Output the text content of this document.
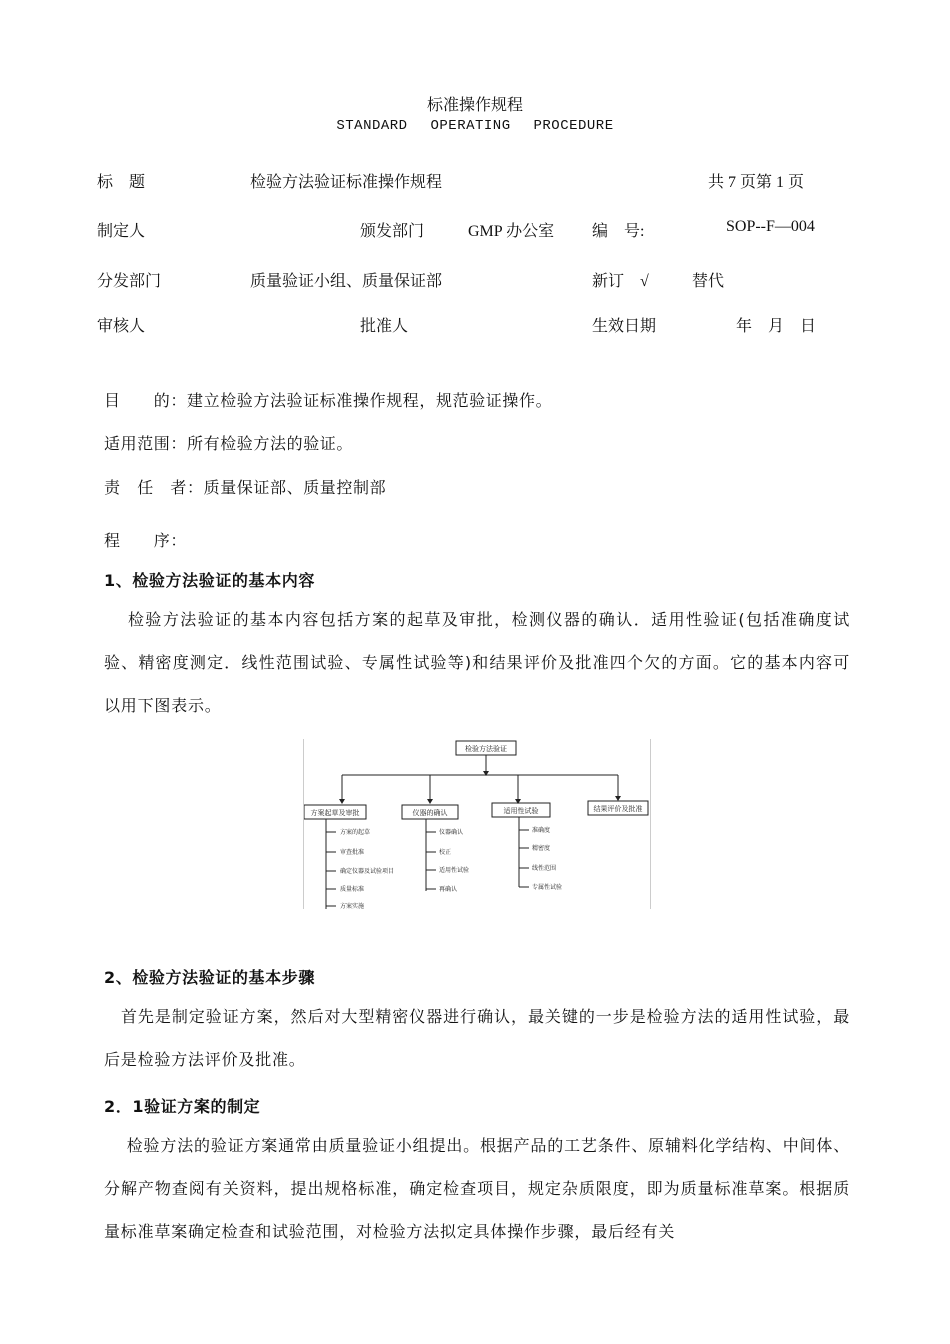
标准操作规程
STANDARD OPERATING PROCEDURE
标　题	检验方法验证标准操作规程	共 7 页第 1 页
制定人	颁发部门	GMP 办公室 编　号:	SOP--F—004
分发部门	质量验证小组、质量保证部	新订　√	替代
审核人	批准人	生效日期	年　月　日
目　　的：建立检验方法验证标准操作规程，规范验证操作。
适用范围：所有检验方法的验证。
责　任　者：质量保证部、质量控制部
程　　序：
1、检验方法验证的基本内容
　 检验方法验证的基本内容包括方案的起草及审批，检测仪器的确认．适用性验证(包括准确度试验、精密度测定．线性范围试验、专属性试验等)和结果评价及批准四个欠的方面。它的基本内容可以用下图表示。
检验方法验证
方案起草及审批	仪器的确认	适用性试验	结果评价及批准
方案的起草
审查批准
确定仪器及试验项目
质量标准
方案实施
仪器确认
校正
适用性试验
再确认
准确度
精密度
线性范围
专属性试验
2、检验方法验证的基本步骤
　首先是制定验证方案，然后对大型精密仪器进行确认，最关键的一步是检验方法的适用性试验，最后是检验方法评价及批准。
2．1验证方案的制定
　 检验方法的验证方案通常由质量验证小组提出。根据产品的工艺条件、原辅料化学结构、中间体、分解产物查阅有关资料，提出规格标准，确定检查项目，规定杂质限度，即为质量标准草案。根据质量标准草案确定检查和试验范围，对检验方法拟定具体操作步骤，最后经有关
